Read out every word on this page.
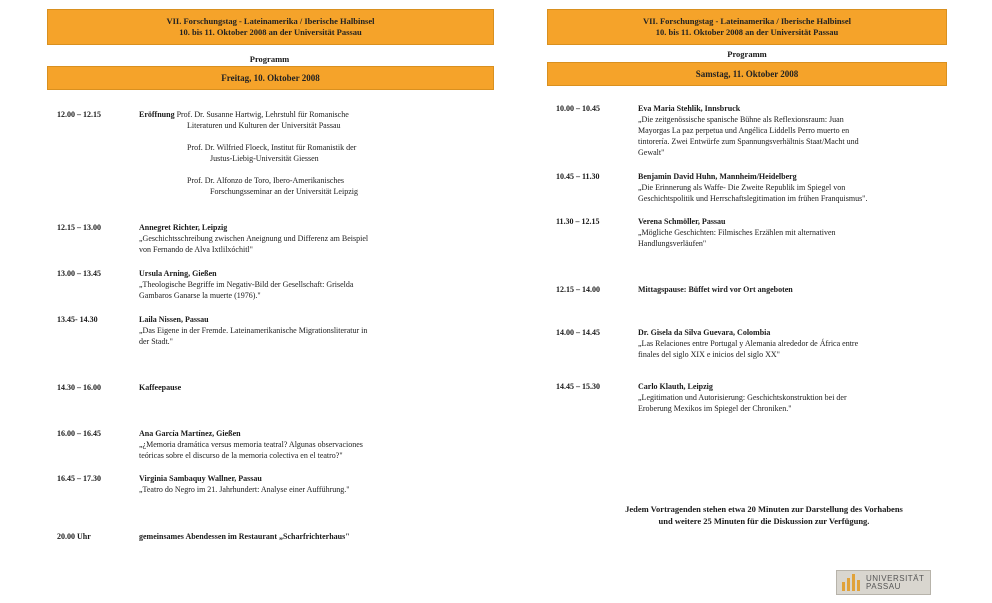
VII. Forschungstag - Lateinamerika / Iberische Halbinsel
10. bis 11. Oktober 2008 an der Universität Passau
Programm
Freitag, 10. Oktober 2008
12.00 – 12.15	Eröffnung Prof. Dr. Susanne Hartwig, Lehrstuhl für Romanische
Literaturen und Kulturen der Universität Passau
Prof. Dr. Wilfried Floeck, Institut für Romanistik der
Justus-Liebig-Universität Giessen
Prof. Dr. Alfonzo de Toro, Ibero-Amerikanisches
Forschungsseminar an der Universität Leipzig
12.15 – 13.00	Annegret Richter, Leipzig
„Geschichtsschreibung zwischen Aneignung und Differenz am Beispiel
von Fernando de Alva Ixtlilxóchitl"
13.00 – 13.45	Ursula Arning, Gießen
„Theologische Begriffe im Negativ-Bild der Gesellschaft: Griselda
Gambaros Ganarse la muerte (1976)."
13.45- 14.30	Laila Nissen, Passau
„Das Eigene in der Fremde. Lateinamerikanische Migrationsliteratur in
der Stadt."
14.30 – 16.00	Kaffeepause
16.00 – 16.45	Ana García Martínez, Gießen
„¿Memoria dramática versus memoria teatral? Algunas observaciones
teóricas sobre el discurso de la memoria colectiva en el teatro?"
16.45 – 17.30	Virginia Sambaquy Wallner, Passau
„Teatro do Negro im 21. Jahrhundert: Analyse einer Aufführung."
20.00 Uhr	gemeinsames Abendessen im Restaurant „Scharfrichterhaus"
VII. Forschungstag - Lateinamerika / Iberische Halbinsel
10. bis 11. Oktober 2008 an der Universität Passau
Programm
Samstag, 11. Oktober 2008
10.00 – 10.45	Eva Maria Stehlik, Innsbruck
„Die zeitgenössische spanische Bühne als Reflexionsraum: Juan
Mayorgas La paz perpetua und Angélica Liddells Perro muerto en
tintorería. Zwei Entwürfe zum Spannungsverhältnis Staat/Macht und
Gewalt"
10.45 – 11.30	Benjamin David Huhn, Mannheim/Heidelberg
„Die Erinnerung als Waffe- Die Zweite Republik im Spiegel von
Geschichtspolitik und Herrschaftslegitimation im frühen Franquismus".
11.30 – 12.15	Verena Schmöller, Passau
„Mögliche Geschichten: Filmisches Erzählen mit alternativen
Handlungsverläufen"
12.15 – 14.00	Mittagspause: Büffet wird vor Ort angeboten
14.00 – 14.45	Dr. Gisela da Silva Guevara, Colombia
„Las Relaciones entre Portugal y Alemania alrededor de África entre
finales del siglo XIX e inicios del siglo XX"
14.45 – 15.30	Carlo Klauth, Leipzig
„Legitimation und Autorisierung: Geschichtskonstruktion bei der
Eroberung Mexikos im Spiegel der Chroniken."
Jedem Vortragenden stehen etwa 20 Minuten zur Darstellung des Vorhabens
und weitere 25 Minuten für die Diskussion zur Verfügung.
UNIVERSITÄT
PASSAU
